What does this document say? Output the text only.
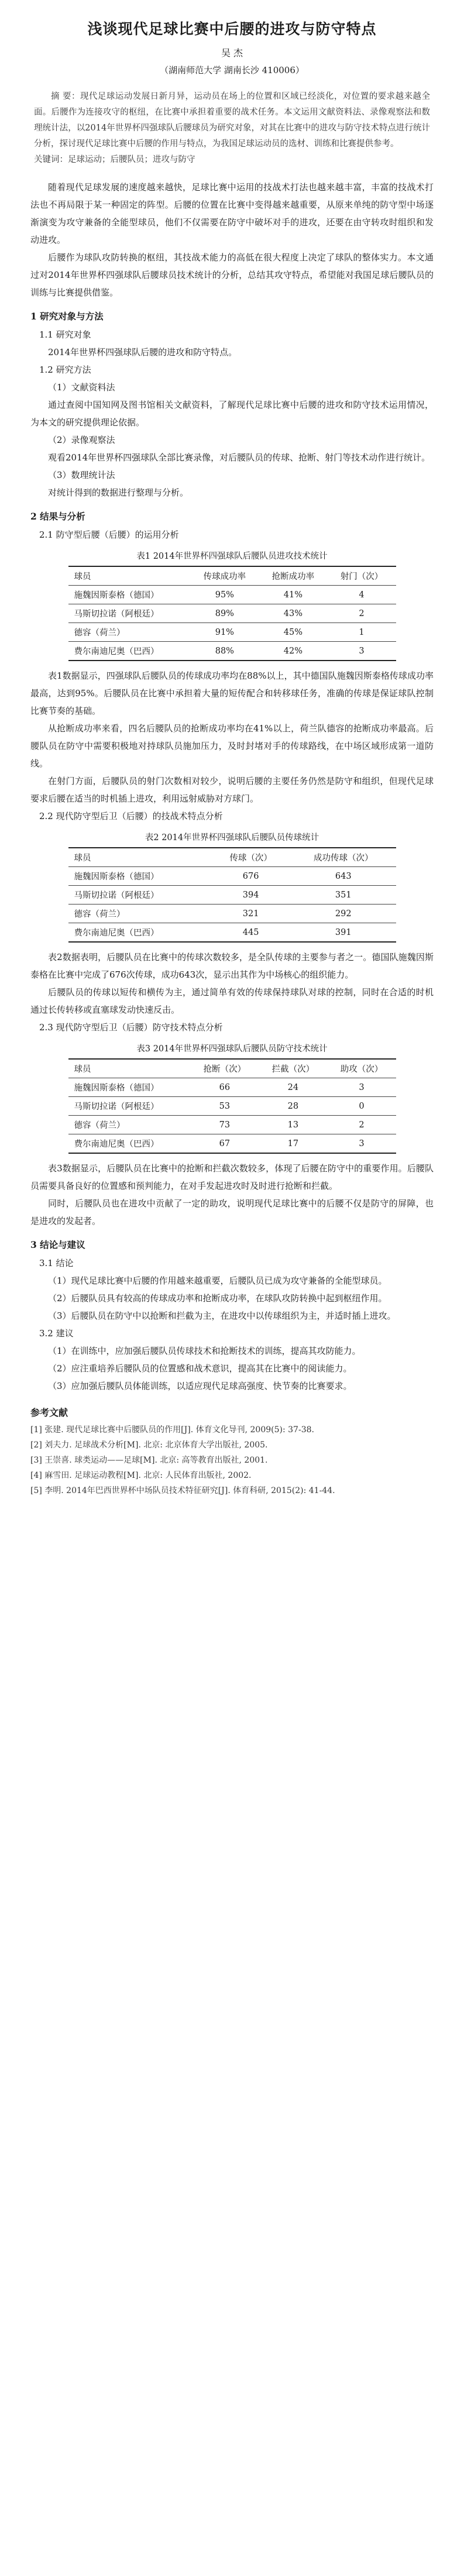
浅谈现代足球比赛中后腰的进攻与防守特点
吴 杰
（湖南师范大学 湖南长沙 410006）
摘 要：现代足球运动发展日新月异，运动员在场上的位置和区域已经淡化，对位置的要求越来越全面。后腰作为连接攻守的枢纽，在比赛中承担着重要的战术任务。本文运用文献资料法、录像观察法和数理统计法，以2014年世界杯四强球队后腰球员为研究对象，对其在比赛中的进攻与防守技术特点进行统计分析，探讨现代足球比赛中后腰的作用与特点，为我国足球运动员的选材、训练和比赛提供参考。
关键词：足球运动；后腰队员；进攻与防守

随着现代足球发展的速度越来越快，足球比赛中运用的技战术打法也越来越丰富，丰富的技战术打法也不再局限于某一种固定的阵型。后腰的位置在比赛中变得越来越重要，从原来单纯的防守型中场逐渐演变为攻守兼备的全能型球员，他们不仅需要在防守中破坏对手的进攻，还要在由守转攻时组织和发动进攻。

后腰作为球队攻防转换的枢纽，其技战术能力的高低在很大程度上决定了球队的整体实力。本文通过对2014年世界杯四强球队后腰球员技术统计的分析，总结其攻守特点，希望能对我国足球后腰队员的训练与比赛提供借鉴。

1 研究对象与方法
1.1 研究对象

2014年世界杯四强球队后腰的进攻和防守特点。

1.2 研究方法
（1）文献资料法

通过查阅中国知网及图书馆相关文献资料，了解现代足球比赛中后腰的进攻和防守技术运用情况，为本文的研究提供理论依据。

（2）录像观察法

观看2014年世界杯四强球队全部比赛录像，对后腰队员的传球、抢断、射门等技术动作进行统计。

（3）数理统计法

对统计得到的数据进行整理与分析。

2 结果与分析
2.1 防守型后腰（后腰）的运用分析
表1 2014年世界杯四强球队后腰队员进攻技术统计
球员	传球成功率	抢断成功率	射门（次）
施魏因斯泰格（德国）	95%	41%	4
马斯切拉诺（阿根廷）	89%	43%	2
德容（荷兰）	91%	45%	1
费尔南迪尼奥（巴西）	88%	42%	3

表1数据显示，四强球队后腰队员的传球成功率均在88%以上，其中德国队施魏因斯泰格传球成功率最高，达到95%。后腰队员在比赛中承担着大量的短传配合和转移球任务，准确的传球是保证球队控制比赛节奏的基础。

从抢断成功率来看，四名后腰队员的抢断成功率均在41%以上，荷兰队德容的抢断成功率最高。后腰队员在防守中需要积极地对持球队员施加压力，及时封堵对手的传球路线，在中场区域形成第一道防线。

在射门方面，后腰队员的射门次数相对较少，说明后腰的主要任务仍然是防守和组织，但现代足球要求后腰在适当的时机插上进攻，利用远射威胁对方球门。

2.2 现代防守型后卫（后腰）的技战术特点分析
表2 2014年世界杯四强球队后腰队员传球统计
球员	传球（次）	成功传球（次）
施魏因斯泰格（德国）	676	643
马斯切拉诺（阿根廷）	394	351
德容（荷兰）	321	292
费尔南迪尼奥（巴西）	445	391

表2数据表明，后腰队员在比赛中的传球次数较多，是全队传球的主要参与者之一。德国队施魏因斯泰格在比赛中完成了676次传球，成功643次，显示出其作为中场核心的组织能力。

后腰队员的传球以短传和横传为主，通过简单有效的传球保持球队对球的控制，同时在合适的时机通过长传转移或直塞球发动快速反击。

2.3 现代防守型后卫（后腰）防守技术特点分析
表3 2014年世界杯四强球队后腰队员防守技术统计
球员	抢断（次）	拦截（次）	助攻（次）
施魏因斯泰格（德国）	66	24	3
马斯切拉诺（阿根廷）	53	28	0
德容（荷兰）	73	13	2
费尔南迪尼奥（巴西）	67	17	3

表3数据显示，后腰队员在比赛中的抢断和拦截次数较多，体现了后腰在防守中的重要作用。后腰队员需要具备良好的位置感和预判能力，在对手发起进攻时及时进行抢断和拦截。

同时，后腰队员也在进攻中贡献了一定的助攻，说明现代足球比赛中的后腰不仅是防守的屏障，也是进攻的发起者。

3 结论与建议
3.1 结论
（1）现代足球比赛中后腰的作用越来越重要，后腰队员已成为攻守兼备的全能型球员。
（2）后腰队员具有较高的传球成功率和抢断成功率，在球队攻防转换中起到枢纽作用。
（3）后腰队员在防守中以抢断和拦截为主，在进攻中以传球组织为主，并适时插上进攻。
3.2 建议
（1）在训练中，应加强后腰队员传球技术和抢断技术的训练，提高其攻防能力。
（2）应注重培养后腰队员的位置感和战术意识，提高其在比赛中的阅读能力。
（3）应加强后腰队员体能训练，以适应现代足球高强度、快节奏的比赛要求。
参考文献

[1] 张建. 现代足球比赛中后腰队员的作用[J]. 体育文化导刊, 2009(5): 37-38.

[2] 刘夫力. 足球战术分析[M]. 北京: 北京体育大学出版社, 2005.

[3] 王崇喜. 球类运动——足球[M]. 北京: 高等教育出版社, 2001.

[4] 麻雪田. 足球运动教程[M]. 北京: 人民体育出版社, 2002.

[5] 李明. 2014年巴西世界杯中场队员技术特征研究[J]. 体育科研, 2015(2): 41-44.
